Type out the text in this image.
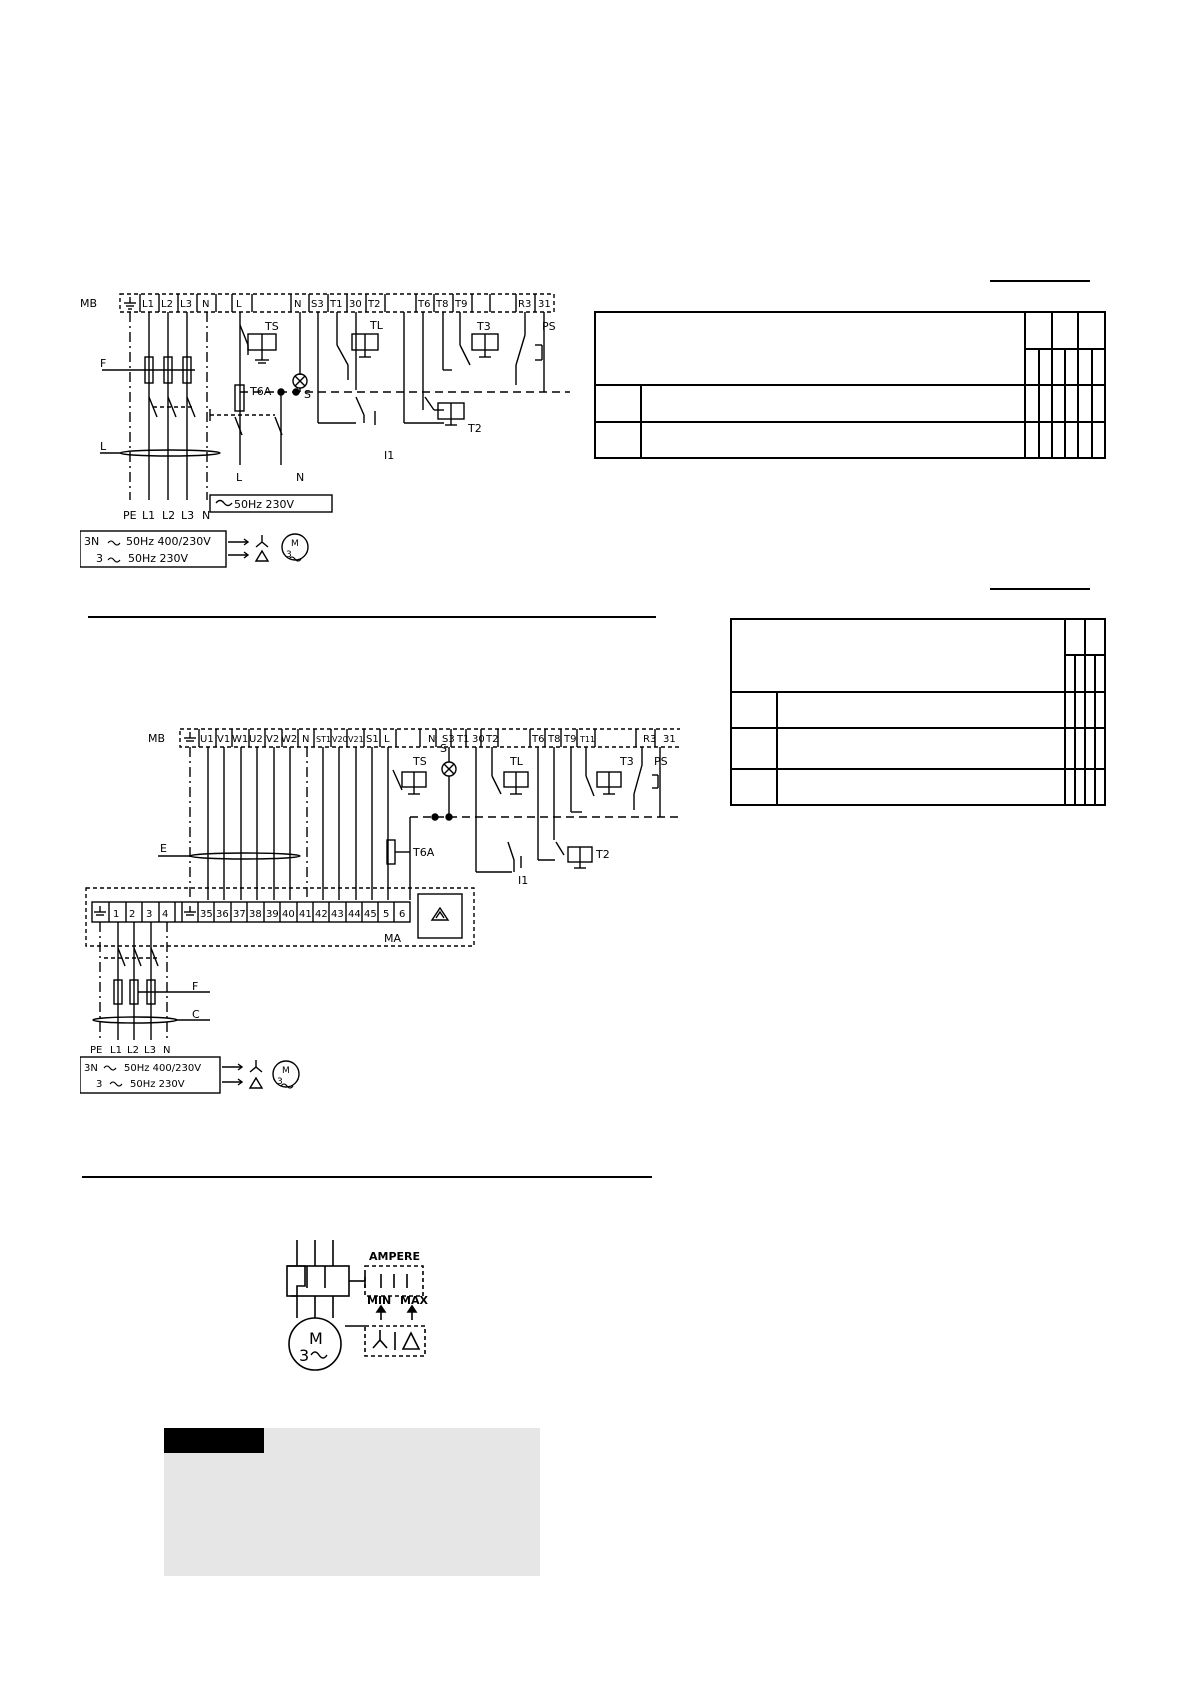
MB	L1 L2 L3 N	L	N S3 T1 30 T2	T6 T8 T9	R3 31
F
L
TS
T6A	S
TL	T3	PS
T2
I1
L	N
PE L1 L2 L3 N
50Hz 230V
3N 50Hz 400/230V
3 50Hz 230V
M
3
MB	U1 V1 W1 U2 V2 W2 N ST1 V20 V21 S1 L	N S3 T1 30 T2	T6 T8 T9 T11	R3 31
E
TS
S
TL	T3 PS
T6A	T2
I1
MA
F
C
1 2 3 4	35 36 37 38 39 40 41 42 43 44 45 5 6
PE L1 L2 L3 N
3N	50Hz 400/230V
3	50Hz 230V
M
3
AMPERE
MIN MAX
M
3
